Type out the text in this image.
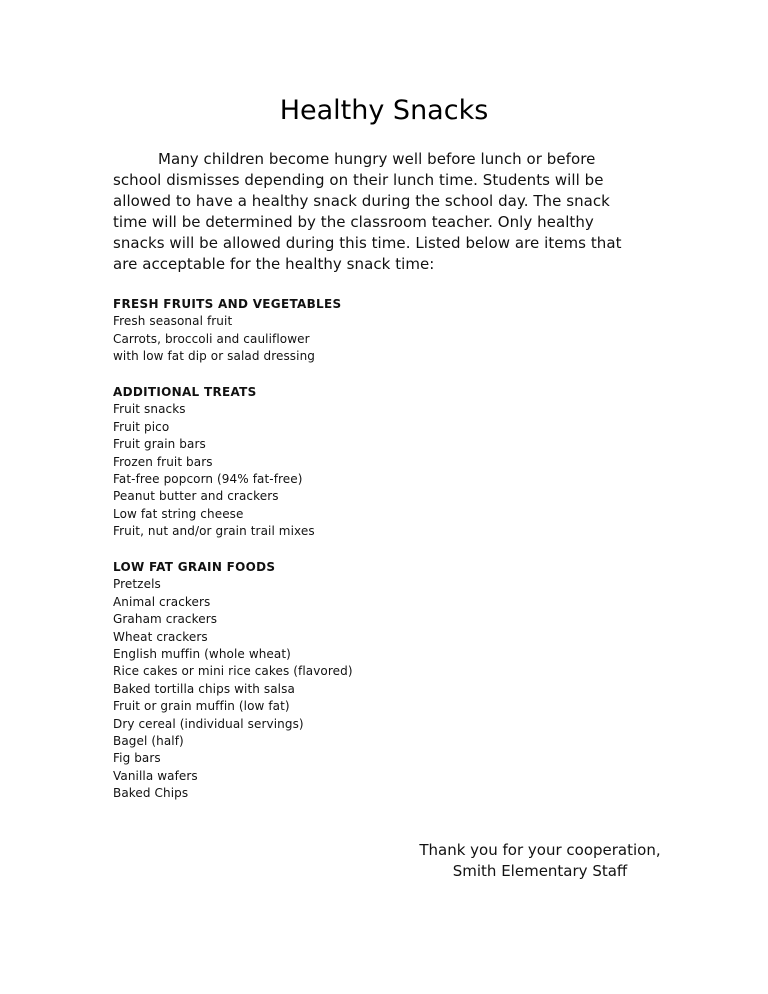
Healthy Snacks

Many children become hungry well before lunch or before school dismisses depending on their lunch time. Students will be allowed to have a healthy snack during the school day. The snack time will be determined by the classroom teacher. Only healthy snacks will be allowed during this time. Listed below are items that are acceptable for the healthy snack time:

FRESH FRUITS AND VEGETABLES
Fresh seasonal fruit
Carrots, broccoli and cauliflower
with low fat dip or salad dressing
ADDITIONAL TREATS
Fruit snacks
Fruit pico
Fruit grain bars
Frozen fruit bars
Fat-free popcorn (94% fat-free)
Peanut butter and crackers
Low fat string cheese
Fruit, nut and/or grain trail mixes
LOW FAT GRAIN FOODS
Pretzels
Animal crackers
Graham crackers
Wheat crackers
English muffin (whole wheat)
Rice cakes or mini rice cakes (flavored)
Baked tortilla chips with salsa
Fruit or grain muffin (low fat)
Dry cereal (individual servings)
Bagel (half)
Fig bars
Vanilla wafers
Baked Chips
Thank you for your cooperation,
Smith Elementary Staff
